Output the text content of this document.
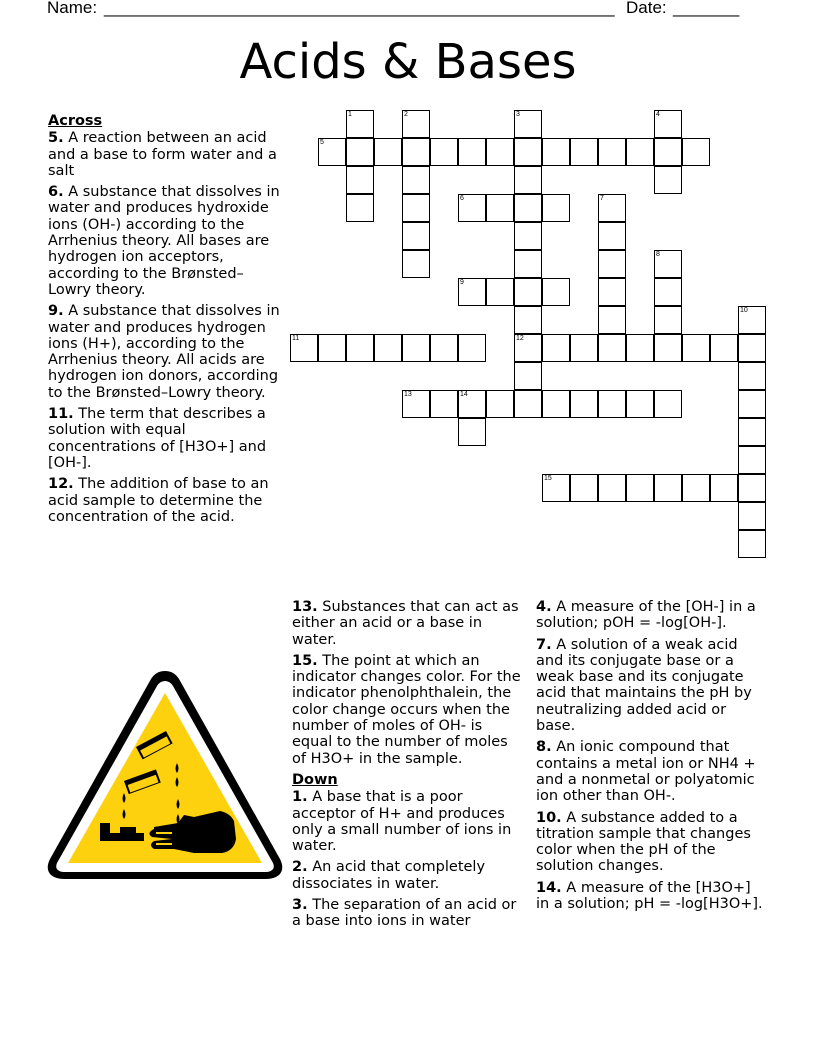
Name: ______________________________________________________ Date: _______
Acids & Bases
1	2	3	4
5
6	7
8
9
10
11	12
13	14
15

Across

5. A reaction between an acid and a base to form water and a salt

6. A substance that dissolves in water and produces hydroxide ions (OH-) according to the Arrhenius theory. All bases are hydrogen ion acceptors, according to the Brønsted–Lowry theory.

9. A substance that dissolves in water and produces hydrogen ions (H+), according to the Arrhenius theory. All acids are hydrogen ion donors, according to the Brønsted–Lowry theory.

11. The term that describes a solution with equal concentrations of [H3O+] and [OH-].

12. The addition of base to an acid sample to determine the concentration of the acid.

13. Substances that can act as either an acid or a base in water.

15. The point at which an indicator changes color. For the indicator phenolphthalein, the color change occurs when the number of moles of OH- is equal to the number of moles of H3O+ in the sample.

Down

1. A base that is a poor acceptor of H+ and produces only a small number of ions in water.

2. An acid that completely dissociates in water.

3. The separation of an acid or a base into ions in water

4. A measure of the [OH-] in a solution; pOH = -log[OH-].

7. A solution of a weak acid and its conjugate base or a weak base and its conjugate acid that maintains the pH by neutralizing added acid or base.

8. An ionic compound that contains a metal ion or NH4 + and a nonmetal or polyatomic ion other than OH-.

10. A substance added to a titration sample that changes color when the pH of the solution changes.

14. A measure of the [H3O+] in a solution; pH = -log[H3O+].
